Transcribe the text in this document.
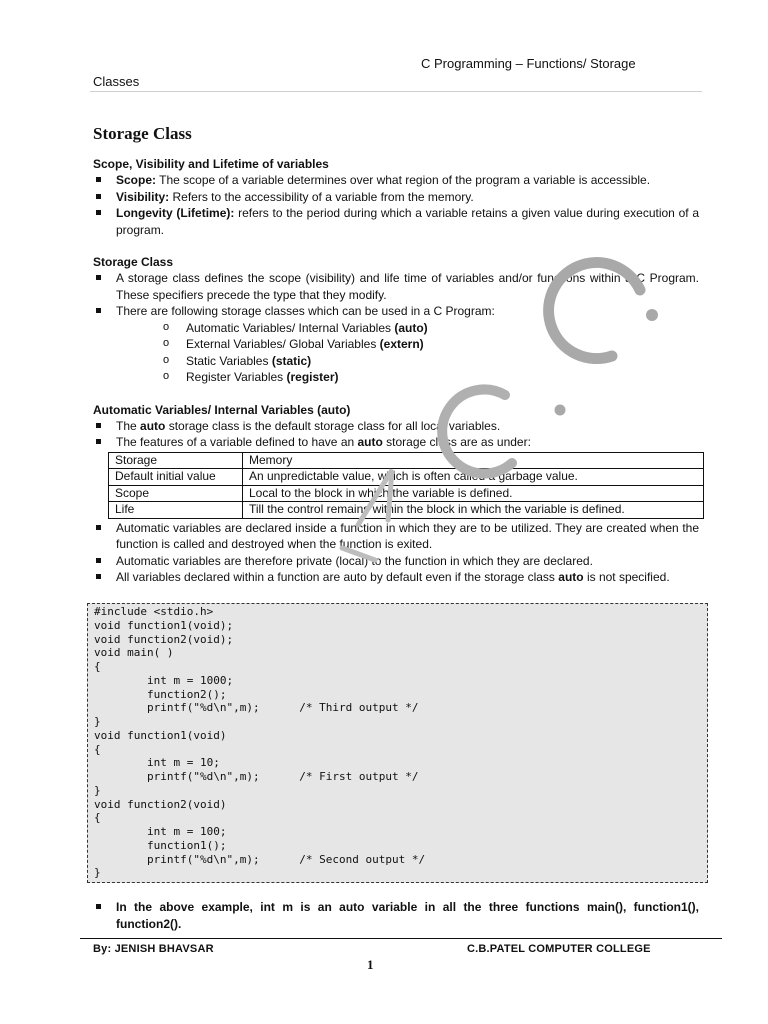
C Programming – Functions/ Storage
Classes
Storage Class
Scope, Visibility and Lifetime of variables
Scope: The scope of a variable determines over what region of the program a variable is accessible.
Visibility: Refers to the accessibility of a variable from the memory.
Longevity (Lifetime): refers to the period during which a variable retains a given value during execution of a program.
Storage Class
A storage class defines the scope (visibility) and life time of variables and/or functions within a C Program. These specifiers precede the type that they modify.
There are following storage classes which can be used in a C Program:
o Automatic Variables/ Internal Variables (auto)
o External Variables/ Global Variables (extern)
o Static Variables (static)
o Register Variables (register)
Automatic Variables/ Internal Variables (auto)
The auto storage class is the default storage class for all local variables.
The features of a variable defined to have an auto storage class are as under:
Storage	Memory
Default initial value	An unpredictable value, which is often called a garbage value.
Scope	Local to the block in which the variable is defined.
Life	Till the control remains within the block in which the variable is defined.
Automatic variables are declared inside a function in which they are to be utilized. They are created when the function is called and destroyed when the function is exited.
Automatic variables are therefore private (local) to the function in which they are declared.
All variables declared within a function are auto by default even if the storage class auto is not specified.
#include <stdio.h>
void function1(void);
void function2(void);
void main( )
{
int m = 1000;
function2();
printf("%d\n",m);      /* Third output */
}
void function1(void)
{
int m = 10;
printf("%d\n",m);      /* First output */
}
void function2(void)
{
int m = 100;
function1();
printf("%d\n",m);      /* Second output */
}
In the above example, int m is an auto variable in all the three functions main(), function1(), function2().
By: JENISH BHAVSAR	C.B.PATEL COMPUTER COLLEGE
1
